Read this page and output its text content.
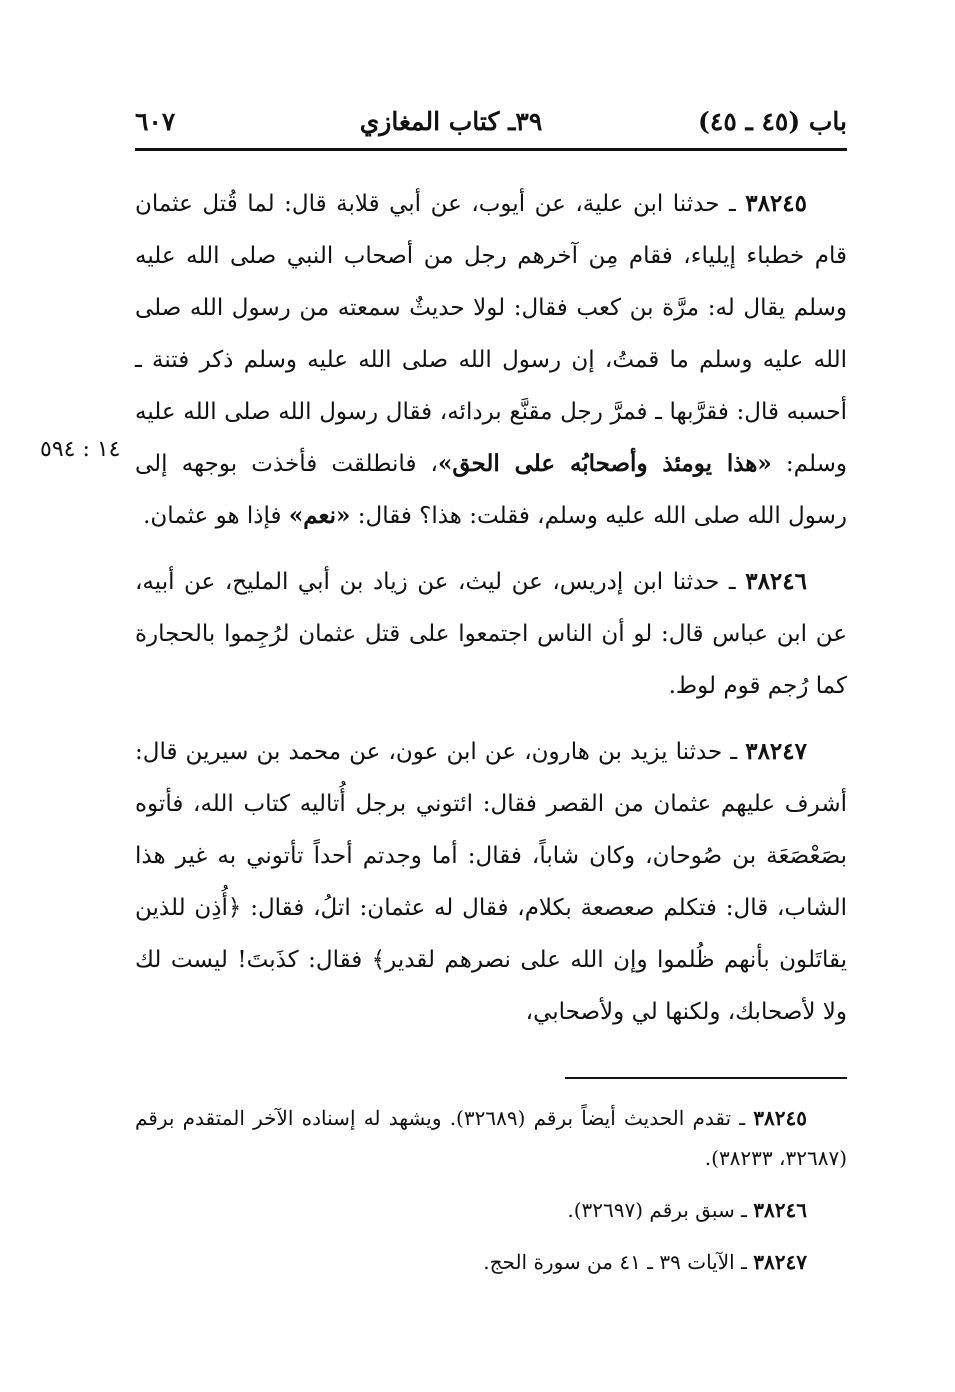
٦٠٧	٣٩ـ كتاب المغازي	باب (٤٥ ـ ٤٥)
١٤ : ٥٩٤

٣٨٢٤٥ ـ حدثنا ابن علية، عن أيوب، عن أبي قلابة قال: لما قُتل عثمان قام خطباء إيلياء، فقام مِن آخرهم رجل من أصحاب النبي صلى الله عليه وسلم يقال له: مرَّة بن كعب فقال: لولا حديثٌ سمعته من رسول الله صلى الله عليه وسلم ما قمتُ، إن رسول الله صلى الله عليه وسلم ذكر فتنة ـ أحسبه قال: فقرَّبها ـ فمرَّ رجل مقنَّع بردائه، فقال رسول الله صلى الله عليه وسلم: «هذا يومئذ وأصحابُه على الحق»، فانطلقت فأخذت بوجهه إلى رسول الله صلى الله عليه وسلم، فقلت: هذا؟ فقال: «نعم» فإذا هو عثمان.

٣٨٢٤٦ ـ حدثنا ابن إدريس، عن ليث، عن زياد بن أبي المليح، عن أبيه، عن ابن عباس قال: لو أن الناس اجتمعوا على قتل عثمان لرُجِموا بالحجارة كما رُجم قوم لوط.

٣٨٢٤٧ ـ حدثنا يزيد بن هارون، عن ابن عون، عن محمد بن سيرين قال: أشرف عليهم عثمان من القصر فقال: ائتوني برجل أُتاليه كتاب الله، فأتوه بصَعْصَعَة بن صُوحان، وكان شاباً، فقال: أما وجدتم أحداً تأتوني به غير هذا الشاب، قال: فتكلم صعصعة بكلام، فقال له عثمان: اتلُ، فقال: ﴿أُذِن للذين يقاتَلون بأنهم ظُلموا وإن الله على نصرهم لقدير﴾ فقال: كذَبتَ! ليست لك ولا لأصحابك، ولكنها لي ولأصحابي،

٣٨٢٤٥ ـ تقدم الحديث أيضاً برقم (٣٢٦٨٩). ويشهد له إسناده الآخر المتقدم برقم (٣٢٦٨٧، ٣٨٢٣٣).

٣٨٢٤٦ ـ سبق برقم (٣٢٦٩٧).

٣٨٢٤٧ ـ الآيات ٣٩ ـ ٤١ من سورة الحج.
